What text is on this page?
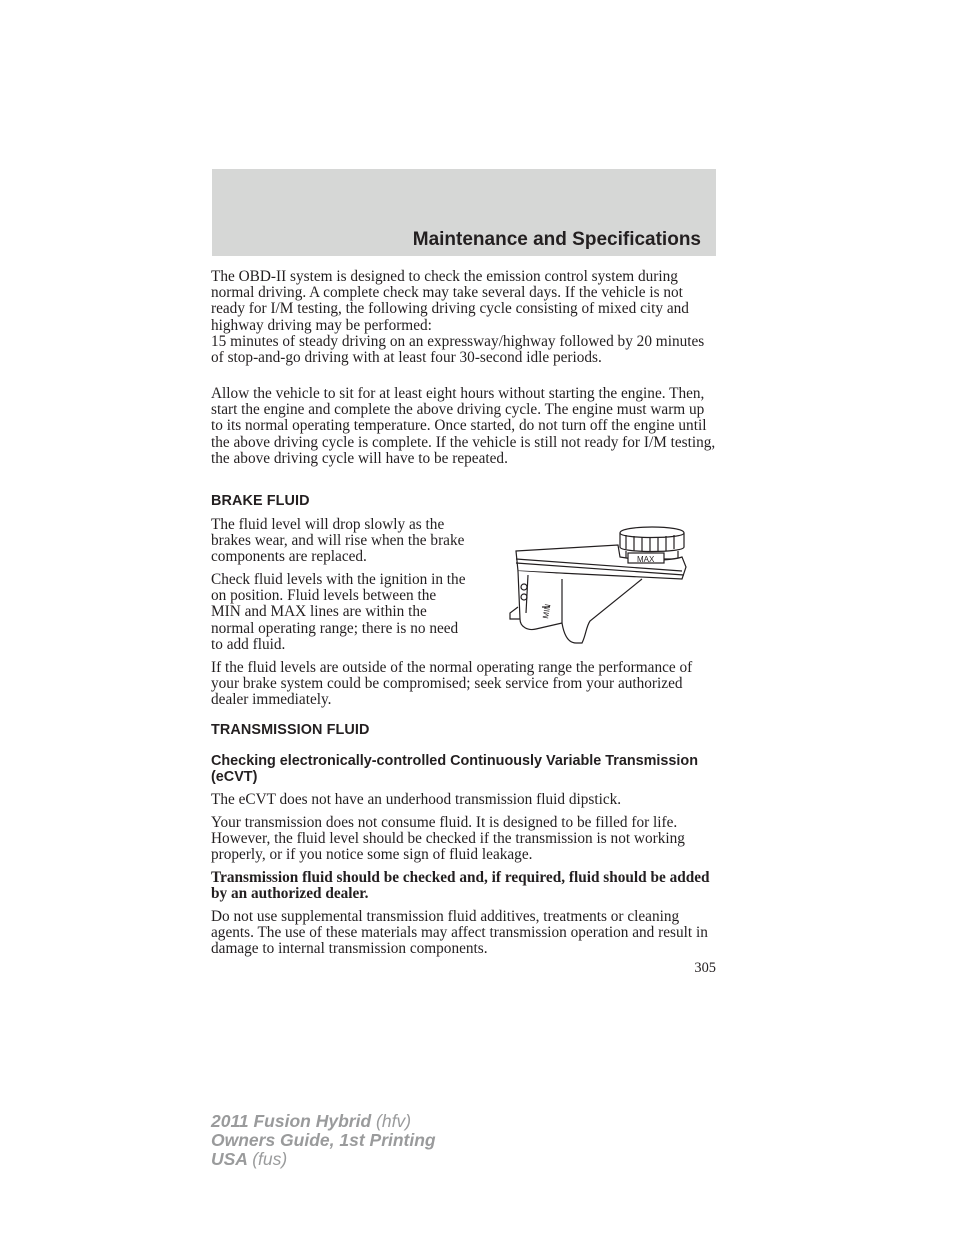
Maintenance and Specifications

The OBD-II system is designed to check the emission control system during normal driving. A complete check may take several days. If the vehicle is not ready for I/M testing, the following driving cycle consisting of mixed city and highway driving may be performed:

15 minutes of steady driving on an expressway/highway followed by 20 minutes of stop-and-go driving with at least four 30-second idle periods.

Allow the vehicle to sit for at least eight hours without starting the engine. Then, start the engine and complete the above driving cycle. The engine must warm up to its normal operating temperature. Once started, do not turn off the engine until the above driving cycle is complete. If the vehicle is still not ready for I/M testing, the above driving cycle will have to be repeated.

BRAKE FLUID

The fluid level will drop slowly as the brakes wear, and will rise when the brake components are replaced.

Check fluid levels with the ignition in the on position. Fluid levels between the MIN and MAX lines are within the normal operating range; there is no need to add fluid.

If the fluid levels are outside of the normal operating range the performance of your brake system could be compromised; seek service from your authorized dealer immediately.

MAX
MIN
TRANSMISSION FLUID
Checking electronically-controlled Continuously Variable Transmission (eCVT)

The eCVT does not have an underhood transmission fluid dipstick.

Your transmission does not consume fluid. It is designed to be filled for life. However, the fluid level should be checked if the transmission is not working properly, or if you notice some sign of fluid leakage.

Transmission fluid should be checked and, if required, fluid should be added by an authorized dealer.

Do not use supplemental transmission fluid additives, treatments or cleaning agents. The use of these materials may affect transmission operation and result in damage to internal transmission components.

305
2011 Fusion Hybrid (hfv)
Owners Guide, 1st Printing
USA (fus)
